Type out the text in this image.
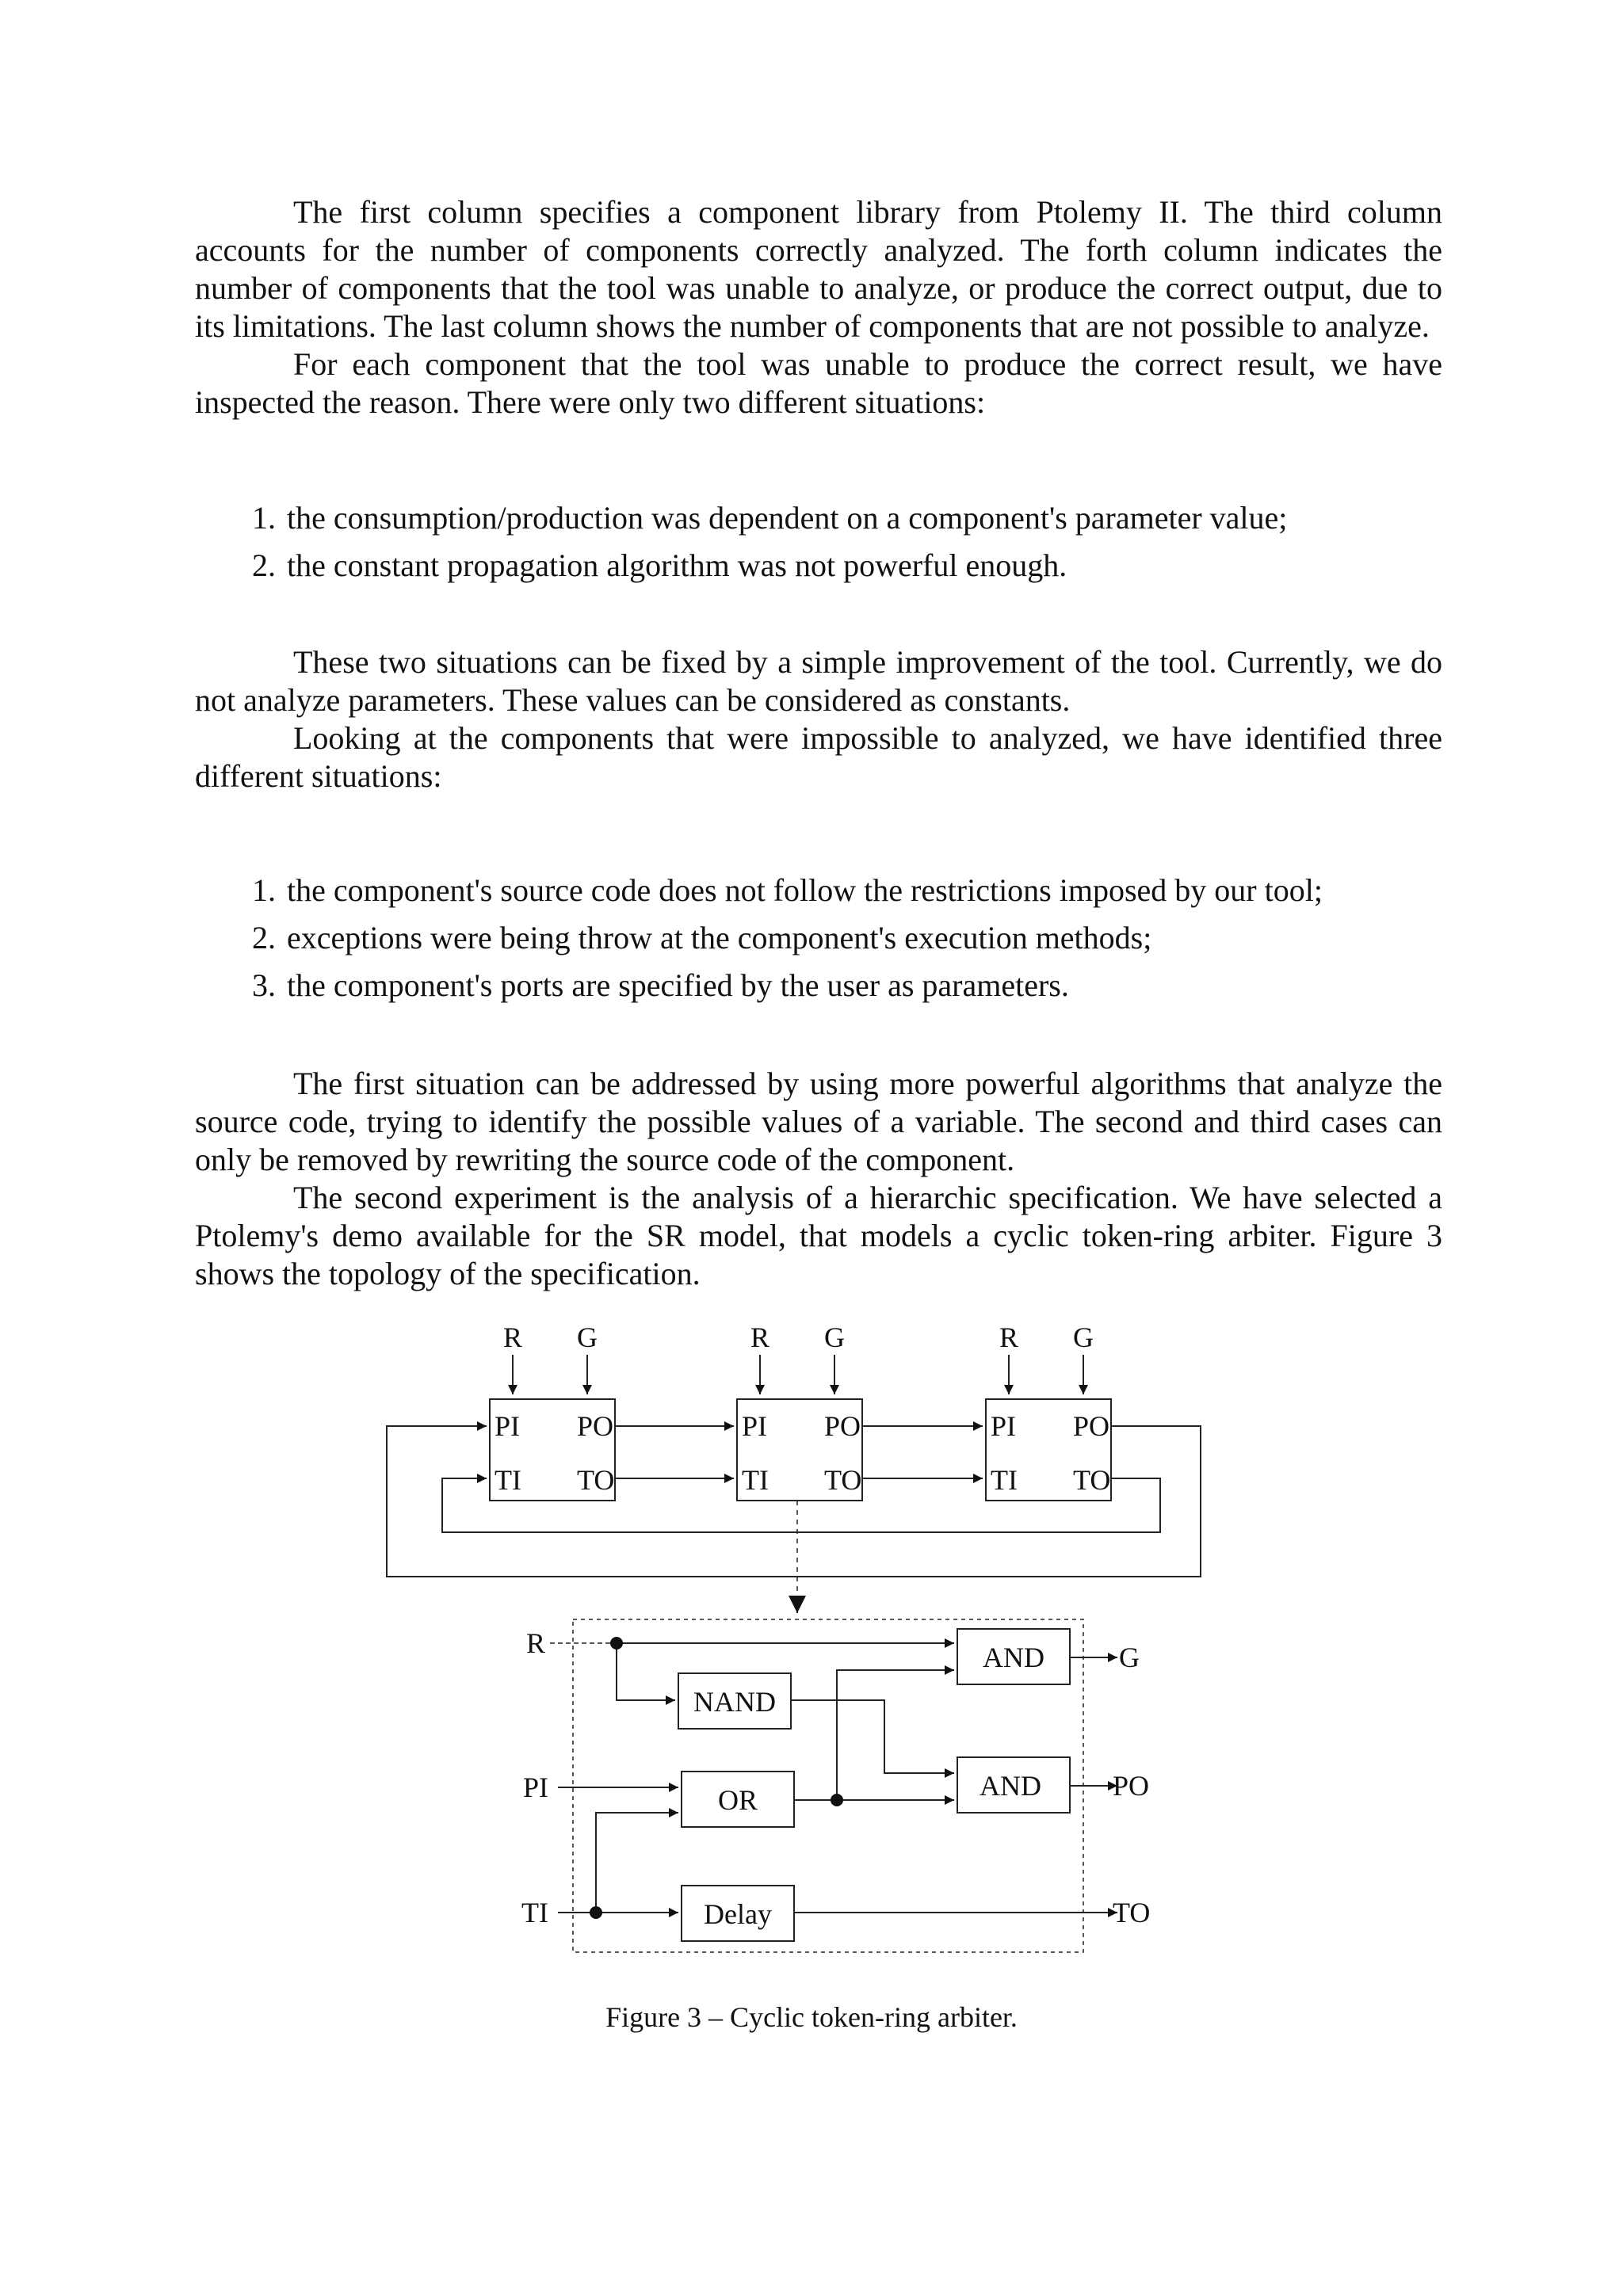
The first column specifies a component library from Ptolemy II. The third column accounts for the number of components correctly analyzed. The forth column indicates the number of components that the tool was unable to analyze, or produce the correct output, due to its limitations. The last column shows the number of components that are not possible to analyze.

For each component that the tool was unable to produce the correct result, we have inspected the reason. There were only two different situations:

1. the consumption/production was dependent on a component's parameter value;
2. the constant propagation algorithm was not powerful enough.

These two situations can be fixed by a simple improvement of the tool. Currently, we do not analyze parameters. These values can be considered as constants.

Looking at the components that were impossible to analyzed, we have identified three different situations:

1. the component's source code does not follow the restrictions imposed by our tool;
2. exceptions were being throw at the component's execution methods;
3. the component's ports are specified by the user as parameters.

The first situation can be addressed by using more powerful algorithms that analyze the source code, trying to identify the possible values of a variable. The second and third cases can only be removed by rewriting the source code of the component.

The second experiment is the analysis of a hierarchic specification. We have selected a Ptolemy's demo available for the SR model, that models a cyclic token-ring arbiter. Figure 3 shows the topology of the specification.

R G	R G	R G
PI PO
TI TO
PI PO
TI TO
PI PO
TI TO
AND
NAND
AND
OR
Delay
R
PI
TI
G
PO
TO
Figure 3 – Cyclic token-ring arbiter.
